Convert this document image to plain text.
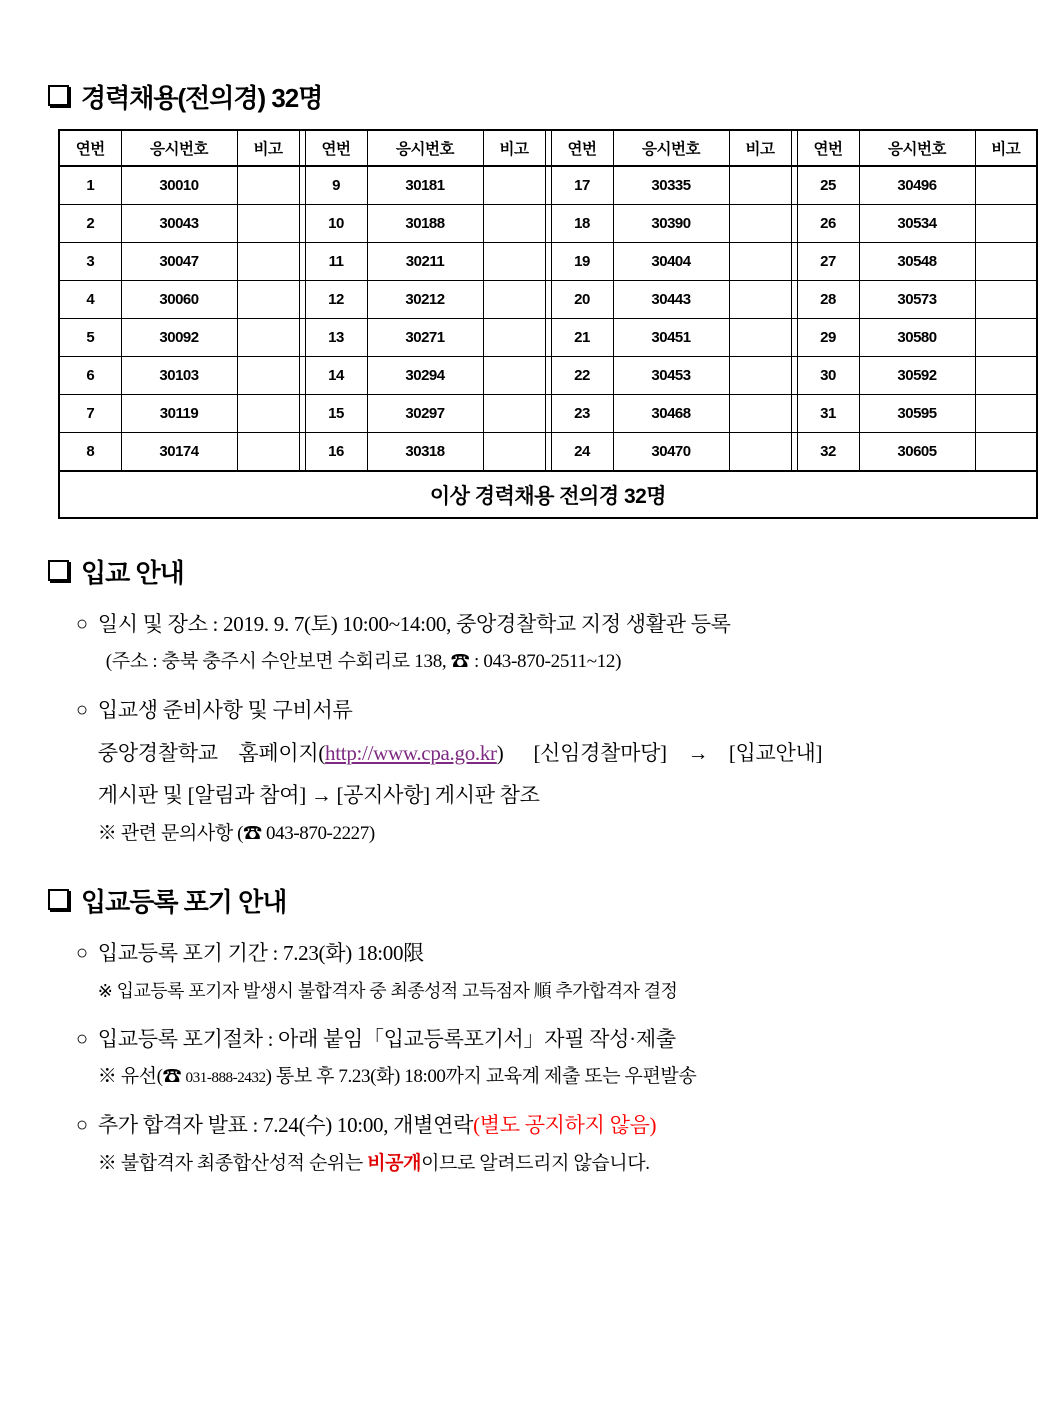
경력채용(전의경) 32명
연번	응시번호	비고		연번	응시번호	비고		연번	응시번호	비고		연번	응시번호	비고
1	30010			9	30181			17	30335			25	30496	
2	30043			10	30188			18	30390			26	30534	
3	30047			11	30211			19	30404			27	30548	
4	30060			12	30212			20	30443			28	30573	
5	30092			13	30271			21	30451			29	30580	
6	30103			14	30294			22	30453			30	30592	
7	30119			15	30297			23	30468			31	30595	
8	30174			16	30318			24	30470			32	30605	
이상 경력채용 전의경 32명														
입교 안내
○ 일시 및 장소 : 2019. 9. 7(토) 10:00~14:00, 중앙경찰학교 지정 생활관 등록
(주소 : 충북 충주시 수안보면 수회리로 138, ☎ : 043-870-2511~12)
○ 입교생 준비사항 및 구비서류
중앙경찰학교　홈페이지(http://www.cpa.go.kr) [신임경찰마당]　→　[입교안내]
게시판 및 [알림과 참여] → [공지사항] 게시판 참조
※ 관련 문의사항 (☎ 043-870-2227)
입교등록 포기 안내
○ 입교등록 포기 기간 : 7.23(화) 18:00限
※ 입교등록 포기자 발생시 불합격자 중 최종성적 고득점자 順 추가합격자 결정
○ 입교등록 포기절차 : 아래 붙임「입교등록포기서」자필 작성·제출
※ 유선(☎ 031-888-2432) 통보 후 7.23(화) 18:00까지 교육계 제출 또는 우편발송
○ 추가 합격자 발표 : 7.24(수) 10:00, 개별연락(별도 공지하지 않음)
※ 불합격자 최종합산성적 순위는 비공개이므로 알려드리지 않습니다.
